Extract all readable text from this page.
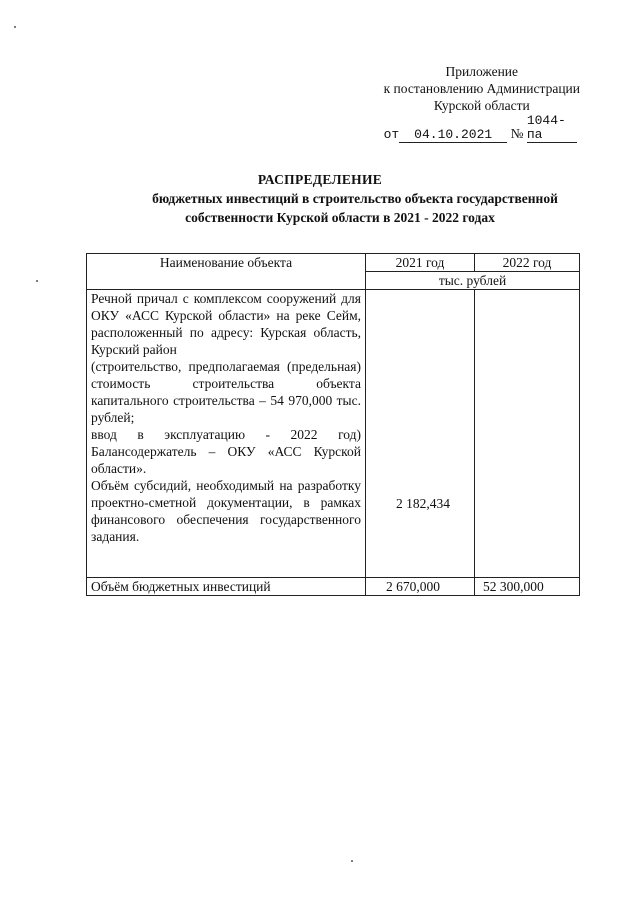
Приложение
к постановлению Администрации
Курской области
от 04.10.2021 № 1044-па
РАСПРЕДЕЛЕНИЕ
бюджетных инвестиций в строительство объекта государственной
собственности Курской области в 2021 - 2022 годах
Наименование объекта	2021 год	2022 год
	тыс. рублей	

Речной причал с комплексом сооружений для ОКУ «АСС Курской области» на реке Сейм, расположенный по адресу: Курская область, Курский район
(строительство, предполагаемая (предельная) стоимость строительства объекта капитального строительства – 54 970,000 тыс. рублей;
ввод в эксплуатацию - 2022 год) Балансодержатель – ОКУ «АСС Курской области».
Объём субсидий, необходимый на разработку проектно-сметной документации, в рамках финансового обеспечения государственного задания.	2 182,434	

Объём бюджетных инвестиций	2 670,000	52 300,000
